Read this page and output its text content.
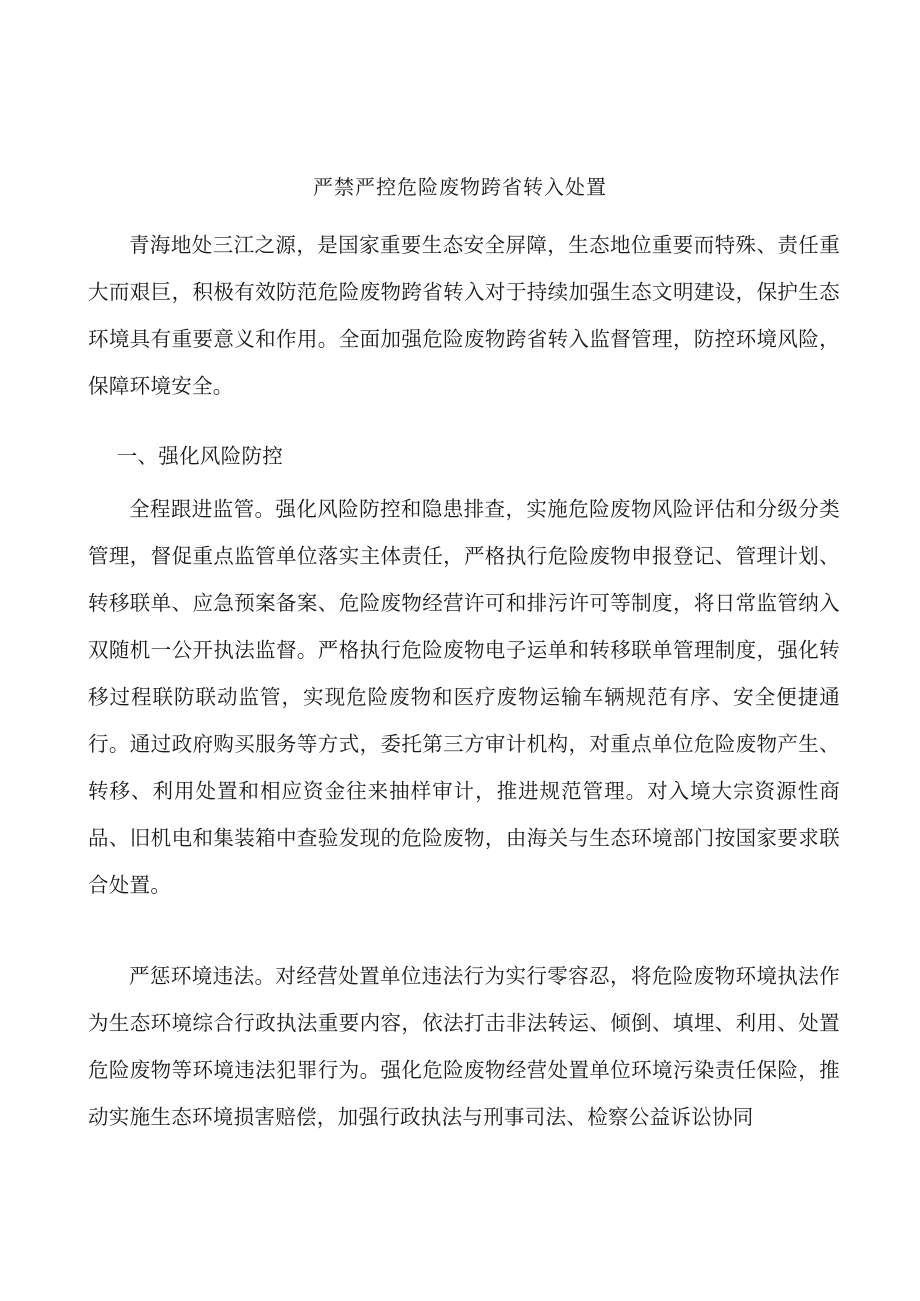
严禁严控危险废物跨省转入处置

青海地处三江之源，是国家重要生态安全屏障，生态地位重要而特殊、责任重大而艰巨，积极有效防范危险废物跨省转入对于持续加强生态文明建设，保护生态环境具有重要意义和作用。全面加强危险废物跨省转入监督管理，防控环境风险，保障环境安全。

一、强化风险防控

全程跟进监管。强化风险防控和隐患排查，实施危险废物风险评估和分级分类管理，督促重点监管单位落实主体责任，严格执行危险废物申报登记、管理计划、转移联单、应急预案备案、危险废物经营许可和排污许可等制度，将日常监管纳入双随机一公开执法监督。严格执行危险废物电子运单和转移联单管理制度，强化转移过程联防联动监管，实现危险废物和医疗废物运输车辆规范有序、安全便捷通行。通过政府购买服务等方式，委托第三方审计机构，对重点单位危险废物产生、转移、利用处置和相应资金往来抽样审计，推进规范管理。对入境大宗资源性商品、旧机电和集装箱中查验发现的危险废物，由海关与生态环境部门按国家要求联合处置。

严惩环境违法。对经营处置单位违法行为实行零容忍，将危险废物环境执法作为生态环境综合行政执法重要内容，依法打击非法转运、倾倒、填埋、利用、处置危险废物等环境违法犯罪行为。强化危险废物经营处置单位环境污染责任保险，推动实施生态环境损害赔偿，加强行政执法与刑事司法、检察公益诉讼协同
